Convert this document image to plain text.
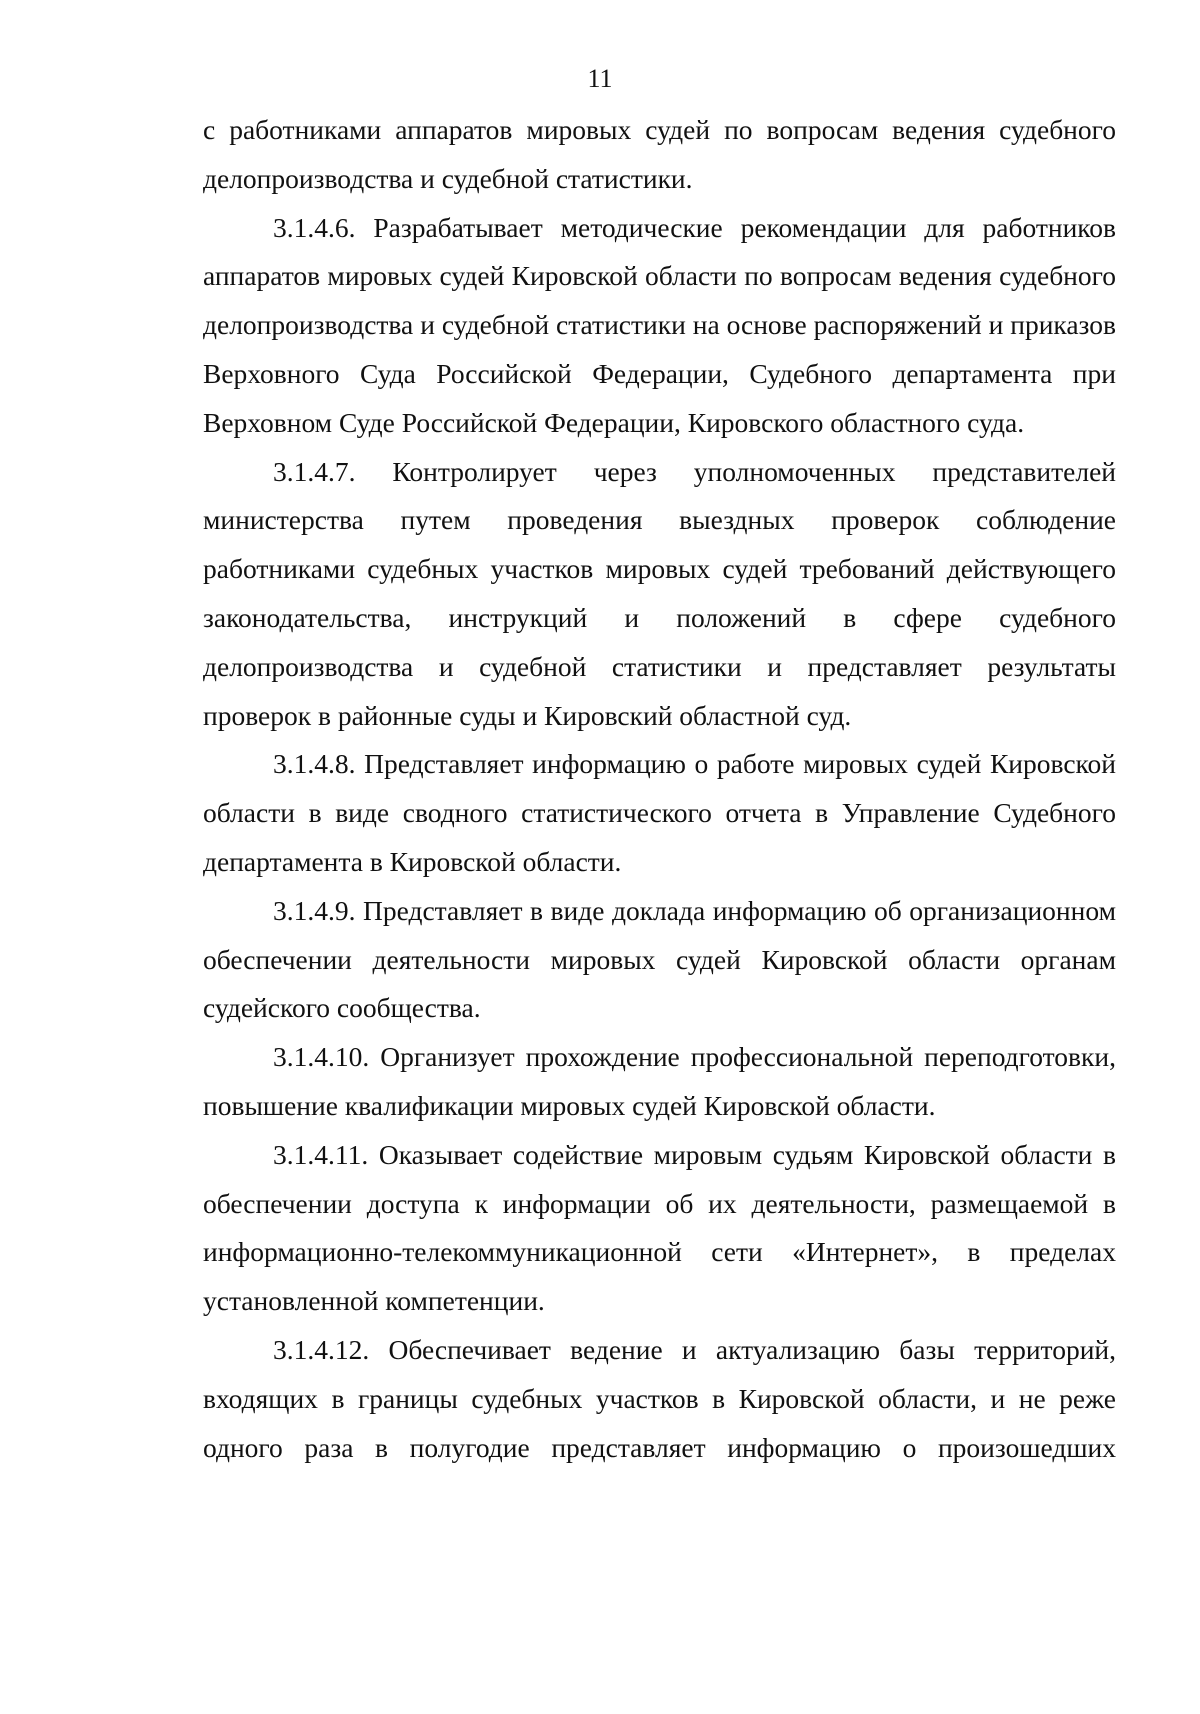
11

с работниками аппаратов мировых судей по вопросам ведения судебного делопроизводства и судебной статистики.

3.1.4.6. Разрабатывает методические рекомендации для работников аппаратов мировых судей Кировской области по вопросам ведения судебного делопроизводства и судебной статистики на основе распоряжений и приказов Верховного Суда Российской Федерации, Судебного департамента при Верховном Суде Российской Федерации, Кировского областного суда.

3.1.4.7. Контролирует через уполномоченных представителей министерства путем проведения выездных проверок соблюдение работниками судебных участков мировых судей требований действующего законодательства, инструкций и положений в сфере судебного делопроизводства и судебной статистики и представляет результаты проверок в районные суды и Кировский областной суд.

3.1.4.8. Представляет информацию о работе мировых судей Кировской области в виде сводного статистического отчета в Управление Судебного департамента в Кировской области.

3.1.4.9. Представляет в виде доклада информацию об организационном обеспечении деятельности мировых судей Кировской области органам судейского сообщества.

3.1.4.10. Организует прохождение профессиональной переподготовки, повышение квалификации мировых судей Кировской области.

3.1.4.11. Оказывает содействие мировым судьям Кировской области в обеспечении доступа к информации об их деятельности, размещаемой в информационно-телекоммуникационной сети «Интернет», в пределах установленной компетенции.

3.1.4.12. Обеспечивает ведение и актуализацию базы территорий, входящих в границы судебных участков в Кировской области, и не реже одного раза в полугодие представляет информацию о произошедших
